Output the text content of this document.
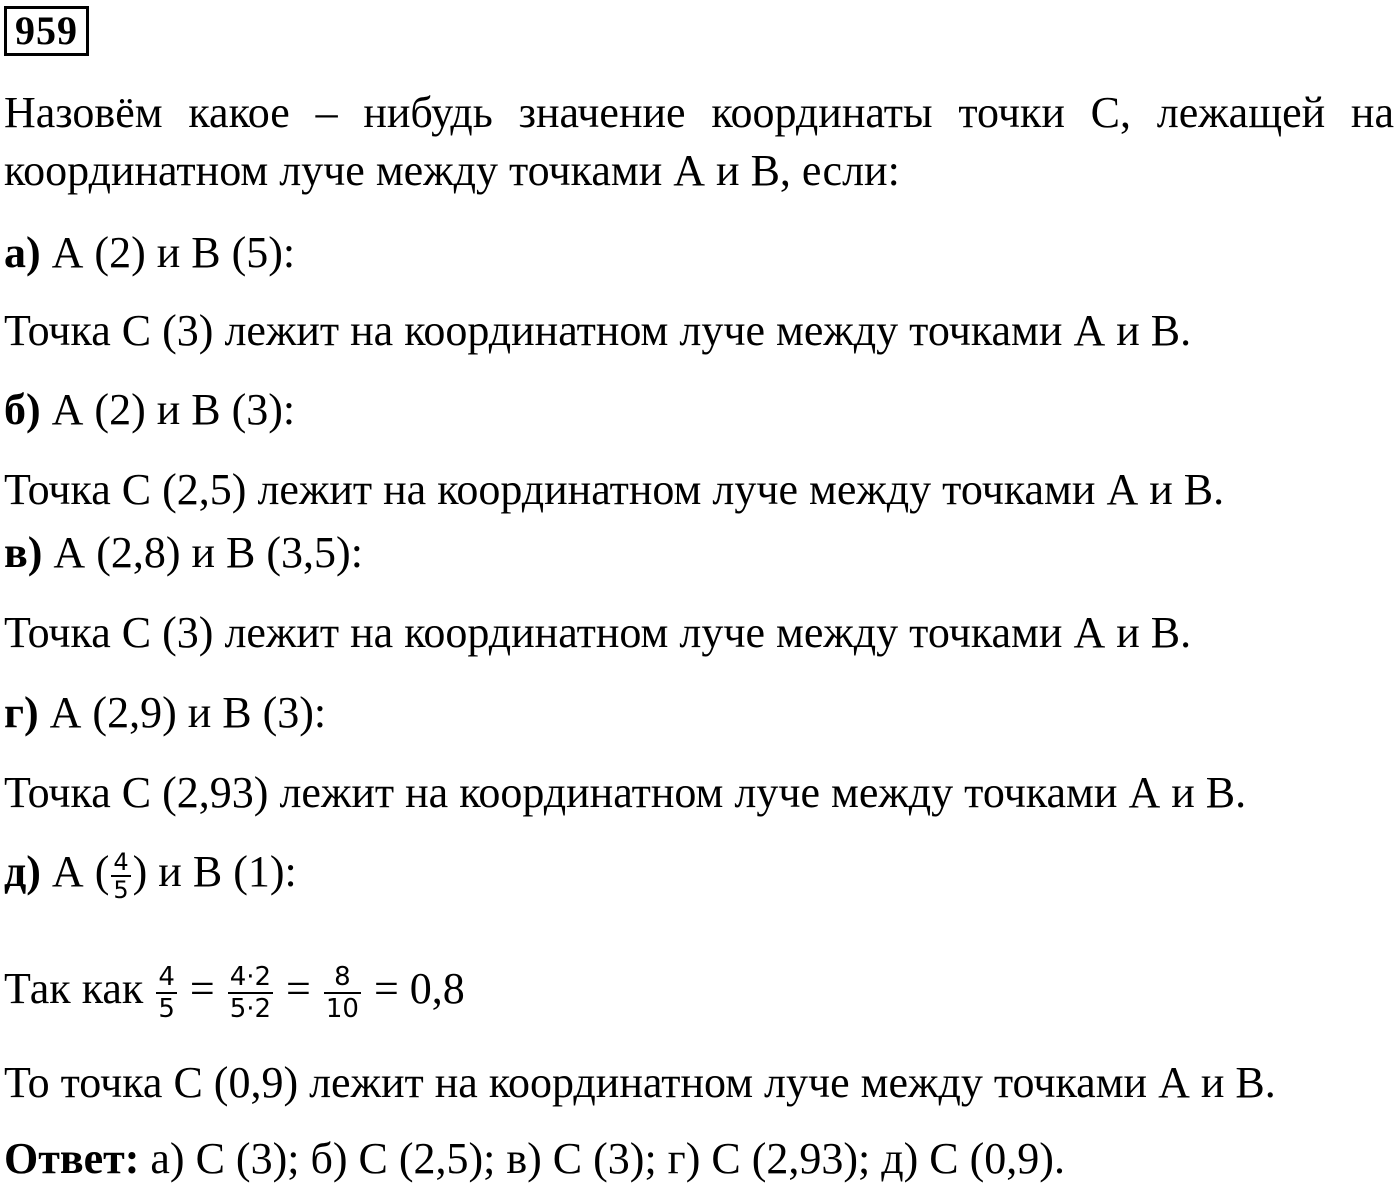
959
Назовём какое – нибудь значение координаты точки С, лежащей на
координатном луче между точками А и В, если:
а) А (2) и В (5):
Точка С (3) лежит на координатном луче между точками А и В.
б) А (2) и В (3):
Точка С (2,5) лежит на координатном луче между точками А и В.
в) А (2,8) и В (3,5):
Точка С (3) лежит на координатном луче между точками А и В.
г) А (2,9) и В (3):
Точка С (2,93) лежит на координатном луче между точками А и В.
д) А ( $\frac{4}{5}$ ) и В (1):
Так как $\frac{4}{5} = \frac{4\cdot 2}{5\cdot 2} = \frac{8}{10} = 0,8$
То точка С (0,9) лежит на координатном луче между точками А и В.
Ответ: а) С (3); б) С (2,5); в) С (3); г) С (2,93); д) С (0,9).
